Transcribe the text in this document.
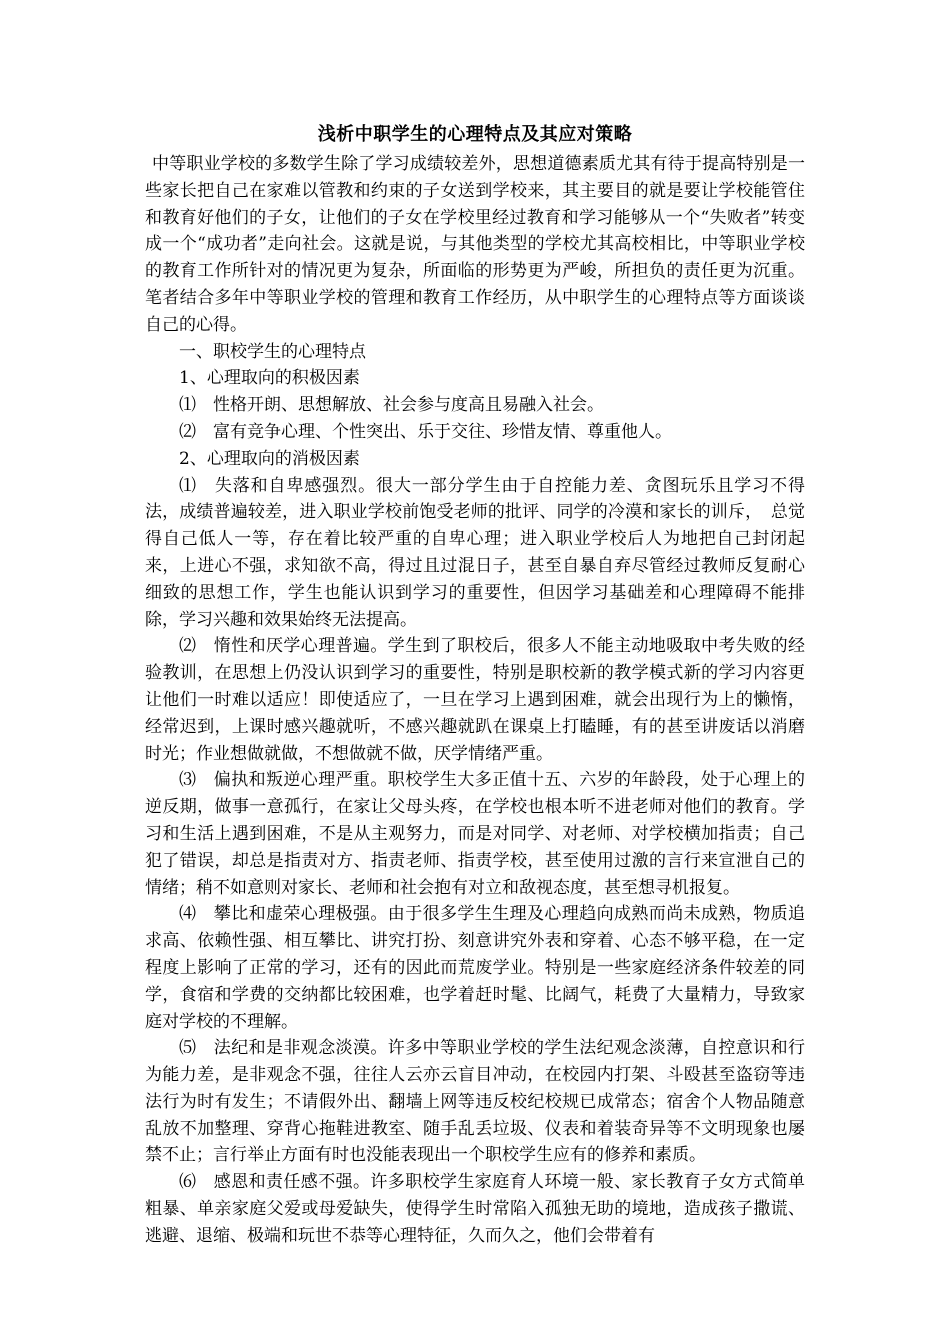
浅析中职学生的心理特点及其应对策略

中等职业学校的多数学生除了学习成绩较差外，思想道德素质尤其有待于提高特别是一些家长把自己在家难以管教和约束的子女送到学校来，其主要目的就是要让学校能管住和教育好他们的子女，让他们的子女在学校里经过教育和学习能够从一个“失败者”转变成一个“成功者”走向社会。这就是说，与其他类型的学校尤其高校相比，中等职业学校的教育工作所针对的情况更为复杂，所面临的形势更为严峻，所担负的责任更为沉重。笔者结合多年中等职业学校的管理和教育工作经历，从中职学生的心理特点等方面谈谈自己的心得。

一、职校学生的心理特点

1、心理取向的积极因素

⑴　性格开朗、思想解放、社会参与度高且易融入社会。

⑵　富有竞争心理、个性突出、乐于交往、珍惜友情、尊重他人。

2、心理取向的消极因素

⑴　失落和自卑感强烈。很大一部分学生由于自控能力差、贪图玩乐且学习不得法，成绩普遍较差，进入职业学校前饱受老师的批评、同学的冷漠和家长的训斥，　总觉得自己低人一等，存在着比较严重的自卑心理；进入职业学校后人为地把自己封闭起来，上进心不强，求知欲不高，得过且过混日子，甚至自暴自弃尽管经过教师反复耐心细致的思想工作，学生也能认识到学习的重要性，但因学习基础差和心理障碍不能排除，学习兴趣和效果始终无法提高。

⑵　惰性和厌学心理普遍。学生到了职校后，很多人不能主动地吸取中考失败的经验教训，在思想上仍没认识到学习的重要性，特别是职校新的教学模式新的学习内容更让他们一时难以适应！即使适应了，一旦在学习上遇到困难，就会出现行为上的懒惰，经常迟到，上课时感兴趣就听，不感兴趣就趴在课桌上打瞌睡，有的甚至讲废话以消磨时光；作业想做就做，不想做就不做，厌学情绪严重。

⑶　偏执和叛逆心理严重。职校学生大多正值十五、六岁的年龄段，处于心理上的逆反期，做事一意孤行，在家让父母头疼，在学校也根本听不进老师对他们的教育。学习和生活上遇到困难，不是从主观努力，而是对同学、对老师、对学校横加指责；自己犯了错误，却总是指责对方、指责老师、指责学校，甚至使用过激的言行来宣泄自己的情绪；稍不如意则对家长、老师和社会抱有对立和敌视态度，甚至想寻机报复。

⑷　攀比和虚荣心理极强。由于很多学生生理及心理趋向成熟而尚未成熟，物质追求高、依赖性强、相互攀比、讲究打扮、刻意讲究外表和穿着、心态不够平稳，在一定程度上影响了正常的学习，还有的因此而荒废学业。特别是一些家庭经济条件较差的同学，食宿和学费的交纳都比较困难，也学着赶时髦、比阔气，耗费了大量精力，导致家庭对学校的不理解。

⑸　法纪和是非观念淡漠。许多中等职业学校的学生法纪观念淡薄，自控意识和行为能力差，是非观念不强，往往人云亦云盲目冲动，在校园内打架、斗殴甚至盗窃等违法行为时有发生；不请假外出、翻墙上网等违反校纪校规已成常态；宿舍个人物品随意乱放不加整理、穿背心拖鞋进教室、随手乱丢垃圾、仪表和着装奇异等不文明现象也屡禁不止；言行举止方面有时也没能表现出一个职校学生应有的修养和素质。

⑹　感恩和责任感不强。许多职校学生家庭育人环境一般、家长教育子女方式简单粗暴、单亲家庭父爱或母爱缺失，使得学生时常陷入孤独无助的境地，造成孩子撒谎、逃避、退缩、极端和玩世不恭等心理特征，久而久之，他们会带着有
